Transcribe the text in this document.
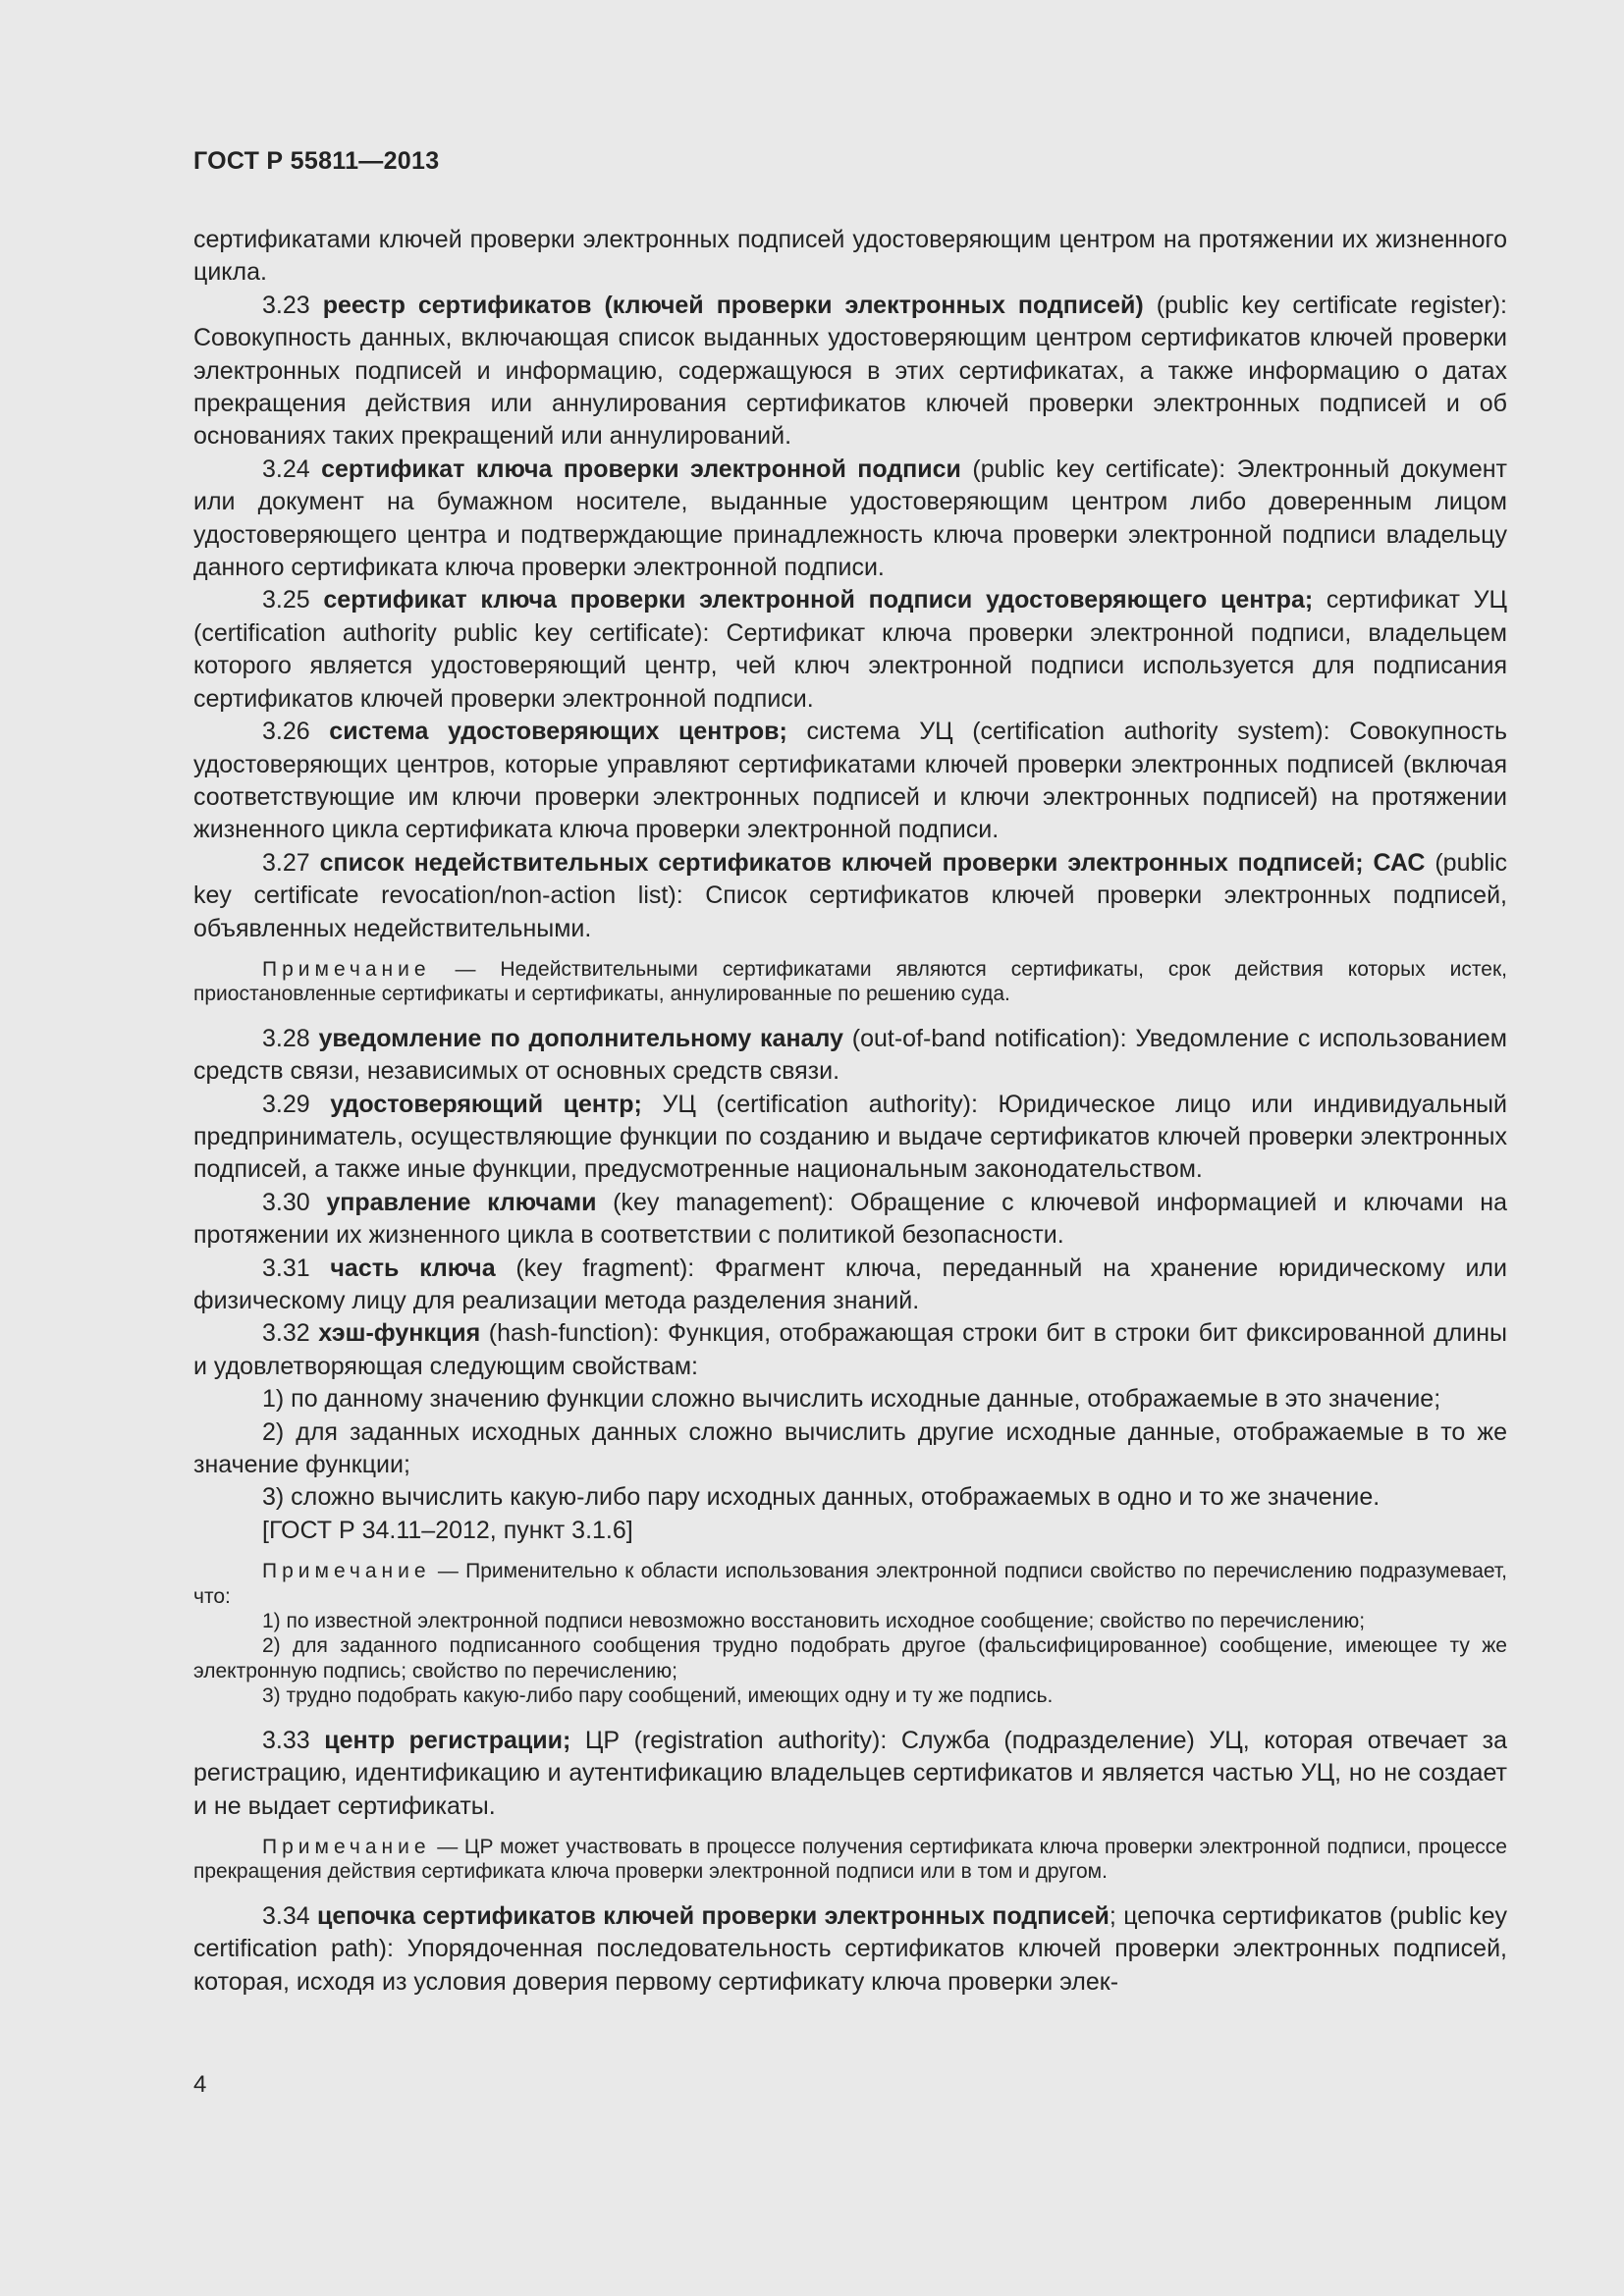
ГОСТ Р 55811—2013

сертификатами ключей проверки электронных подписей удостоверяющим центром на протяжении их жизненного цикла.

3.23 реестр сертификатов (ключей проверки электронных подписей) (public key certificate register): Совокупность данных, включающая список выданных удостоверяющим центром сертификатов ключей проверки электронных подписей и информацию, содержащуюся в этих сертификатах, а также информацию о датах прекращения действия или аннулирования сертификатов ключей проверки электронных подписей и об основаниях таких прекращений или аннулирований.

3.24 сертификат ключа проверки электронной подписи (public key certificate): Электронный документ или документ на бумажном носителе, выданные удостоверяющим центром либо доверенным лицом удостоверяющего центра и подтверждающие принадлежность ключа проверки электронной подписи владельцу данного сертификата ключа проверки электронной подписи.

3.25 сертификат ключа проверки электронной подписи удостоверяющего центра; сертификат УЦ (certification authority public key certificate): Сертификат ключа проверки электронной подписи, владельцем которого является удостоверяющий центр, чей ключ электронной подписи используется для подписания сертификатов ключей проверки электронной подписи.

3.26 система удостоверяющих центров; система УЦ (certification authority system): Совокупность удостоверяющих центров, которые управляют сертификатами ключей проверки электронных подписей (включая соответствующие им ключи проверки электронных подписей и ключи электронных подписей) на протяжении жизненного цикла сертификата ключа проверки электронной подписи.

3.27 список недействительных сертификатов ключей проверки электронных подписей; САС (public key certificate revocation/non-action list): Список сертификатов ключей проверки электронных подписей, объявленных недействительными.

Примечание — Недействительными сертификатами являются сертификаты, срок действия которых истек, приостановленные сертификаты и сертификаты, аннулированные по решению суда.

3.28 уведомление по дополнительному каналу (out-of-band notification): Уведомление с использованием средств связи, независимых от основных средств связи.

3.29 удостоверяющий центр; УЦ (certification authority): Юридическое лицо или индивидуальный предприниматель, осуществляющие функции по созданию и выдаче сертификатов ключей проверки электронных подписей, а также иные функции, предусмотренные национальным законодательством.

3.30 управление ключами (key management): Обращение с ключевой информацией и ключами на протяжении их жизненного цикла в соответствии с политикой безопасности.

3.31 часть ключа (key fragment): Фрагмент ключа, переданный на хранение юридическому или физическому лицу для реализации метода разделения знаний.

3.32 хэш-функция (hash-function): Функция, отображающая строки бит в строки бит фиксированной длины и удовлетворяющая следующим свойствам:

1) по данному значению функции сложно вычислить исходные данные, отображаемые в это значение;

2) для заданных исходных данных сложно вычислить другие исходные данные, отображаемые в то же значение функции;

3) сложно вычислить какую-либо пару исходных данных, отображаемых в одно и то же значение.

[ГОСТ Р 34.11–2012, пункт 3.1.6]

Примечание — Применительно к области использования электронной подписи свойство по перечислению подразумевает, что:

1) по известной электронной подписи невозможно восстановить исходное сообщение; свойство по перечислению;

2) для заданного подписанного сообщения трудно подобрать другое (фальсифицированное) сообщение, имеющее ту же электронную подпись; свойство по перечислению;

3) трудно подобрать какую-либо пару сообщений, имеющих одну и ту же подпись.

3.33 центр регистрации; ЦР (registration authority): Служба (подразделение) УЦ, которая отвечает за регистрацию, идентификацию и аутентификацию владельцев сертификатов и является частью УЦ, но не создает и не выдает сертификаты.

Примечание — ЦР может участвовать в процессе получения сертификата ключа проверки электронной подписи, процессе прекращения действия сертификата ключа проверки электронной подписи или в том и другом.

3.34 цепочка сертификатов ключей проверки электронных подписей; цепочка сертификатов (public key certification path): Упорядоченная последовательность сертификатов ключей проверки электронных подписей, которая, исходя из условия доверия первому сертификату ключа проверки элек-

4
